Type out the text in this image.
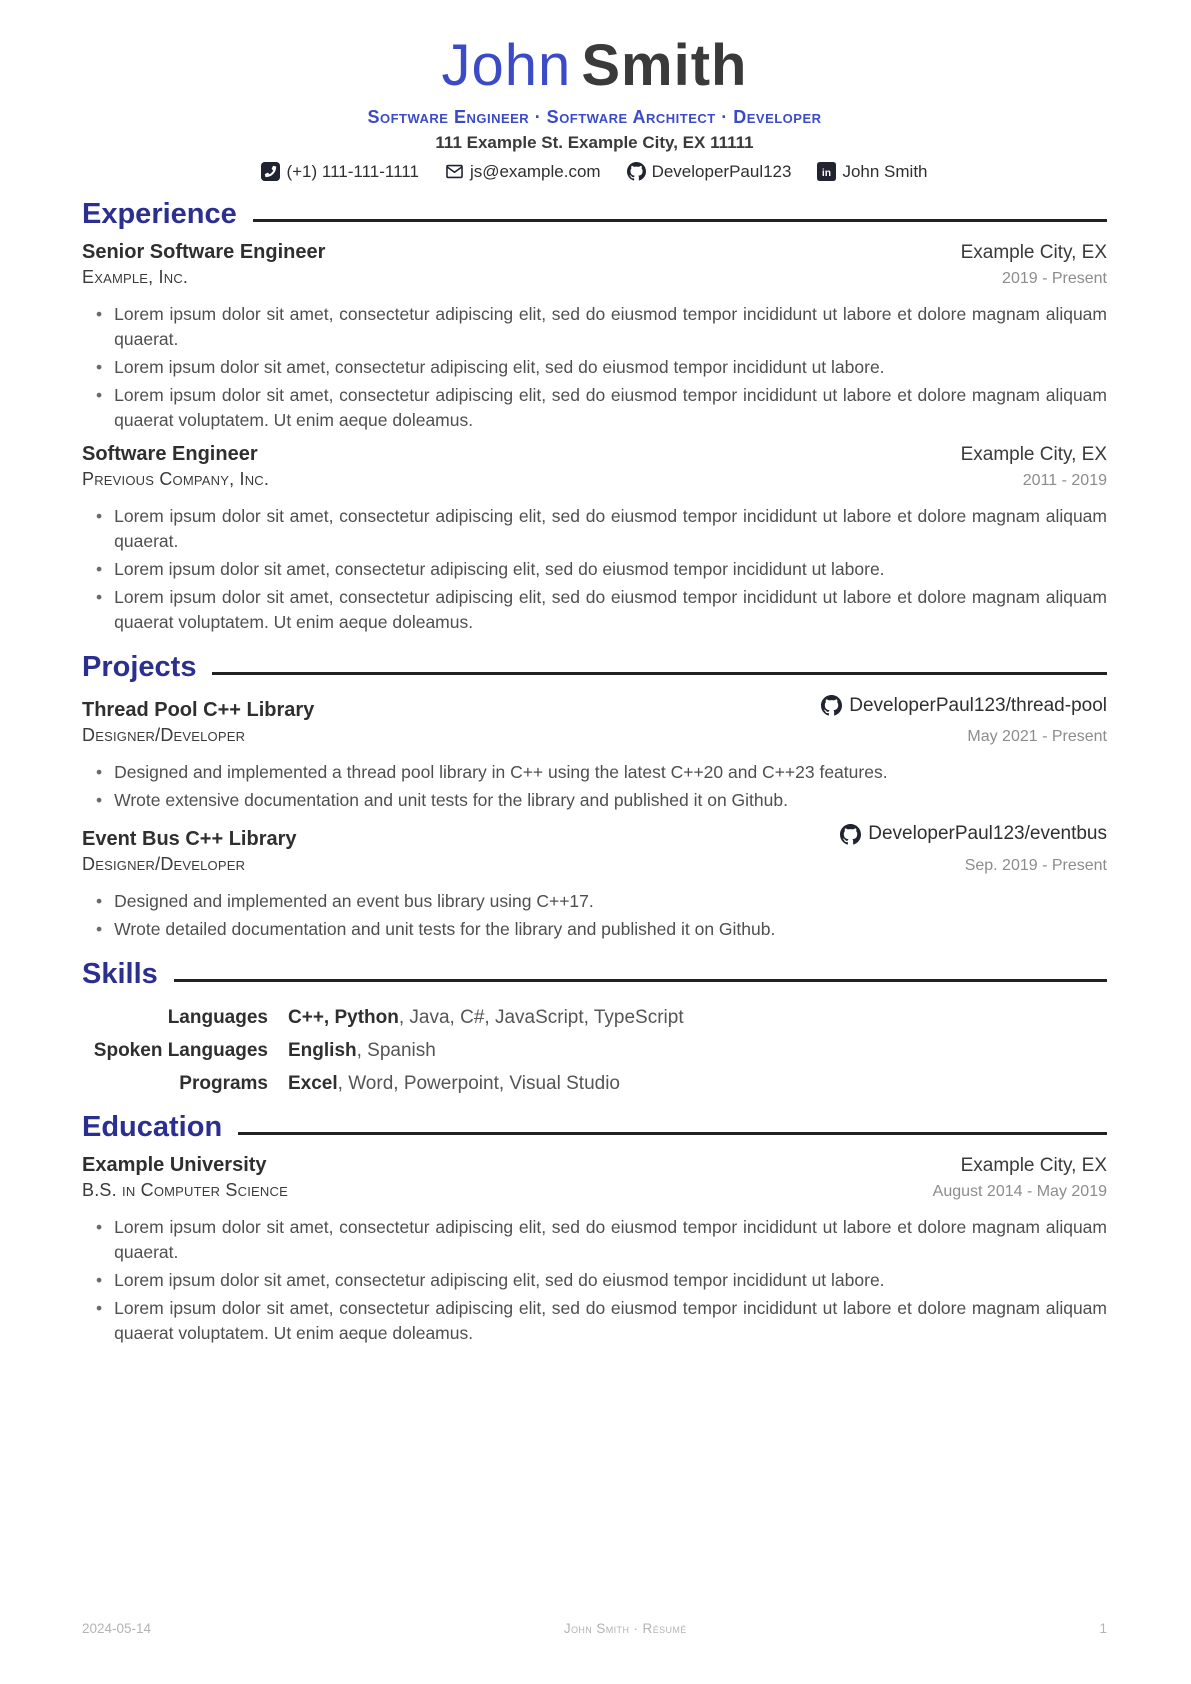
John Smith
Software Engineer · Software Architect · Developer
111 Example St. Example City, EX 11111
(+1) 111-111-1111	js@example.com	DeveloperPaul123 in John Smith
Experience
Senior Software Engineer	Example City, EX
Example, Inc.	2019 - Present
• Lorem ipsum dolor sit amet, consectetur adipiscing elit, sed do eiusmod tempor incididunt ut labore et dolore magnam aliquam quaerat.
• Lorem ipsum dolor sit amet, consectetur adipiscing elit, sed do eiusmod tempor incididunt ut labore.
• Lorem ipsum dolor sit amet, consectetur adipiscing elit, sed do eiusmod tempor incididunt ut labore et dolore magnam aliquam quaerat voluptatem. Ut enim aeque doleamus.
Software Engineer	Example City, EX
Previous Company, Inc.	2011 - 2019
• Lorem ipsum dolor sit amet, consectetur adipiscing elit, sed do eiusmod tempor incididunt ut labore et dolore magnam aliquam quaerat.
• Lorem ipsum dolor sit amet, consectetur adipiscing elit, sed do eiusmod tempor incididunt ut labore.
• Lorem ipsum dolor sit amet, consectetur adipiscing elit, sed do eiusmod tempor incididunt ut labore et dolore magnam aliquam quaerat voluptatem. Ut enim aeque doleamus.
Projects
Thread Pool C++ Library	DeveloperPaul123/thread-pool
Designer/Developer	May 2021 - Present
• Designed and implemented a thread pool library in C++ using the latest C++20 and C++23 features.
• Wrote extensive documentation and unit tests for the library and published it on Github.
Event Bus C++ Library	DeveloperPaul123/eventbus
Designer/Developer	Sep. 2019 - Present
• Designed and implemented an event bus library using C++17.
• Wrote detailed documentation and unit tests for the library and published it on Github.
Skills
Languages C++, Python, Java, C#, JavaScript, TypeScript
Spoken Languages English, Spanish
Programs Excel, Word, Powerpoint, Visual Studio
Education
Example University	Example City, EX
B.S. in Computer Science	August 2014 - May 2019
• Lorem ipsum dolor sit amet, consectetur adipiscing elit, sed do eiusmod tempor incididunt ut labore et dolore magnam aliquam quaerat.
• Lorem ipsum dolor sit amet, consectetur adipiscing elit, sed do eiusmod tempor incididunt ut labore.
• Lorem ipsum dolor sit amet, consectetur adipiscing elit, sed do eiusmod tempor incididunt ut labore et dolore magnam aliquam quaerat voluptatem. Ut enim aeque doleamus.
2024-05-14	John Smith · Résumé	1
